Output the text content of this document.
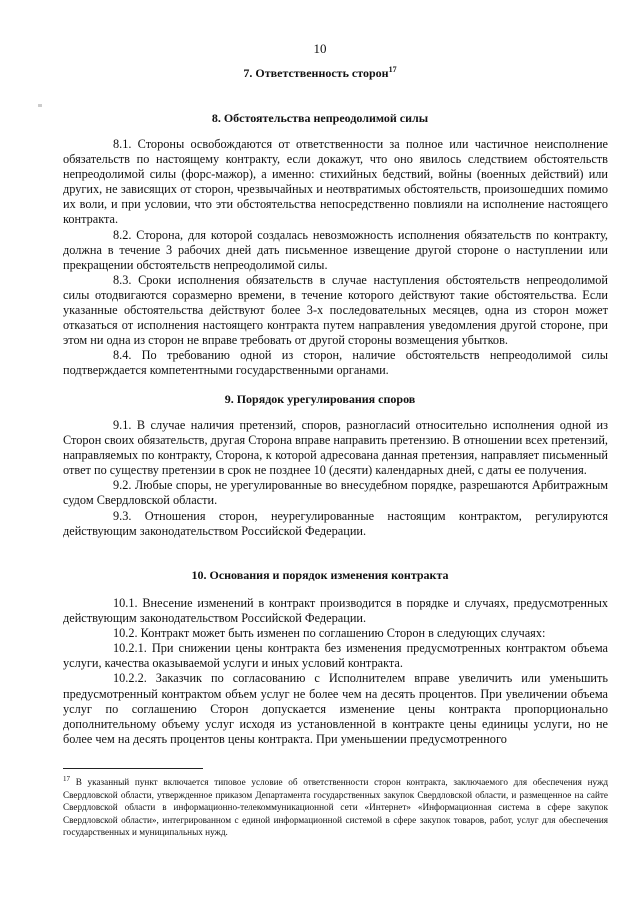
10
7. Ответственность сторон$^{17}$
8. Обстоятельства непреодолимой силы

8.1. Стороны освобождаются от ответственности за полное или частичное неисполнение обязательств по настоящему контракту, если докажут, что оно явилось следствием обстоятельств непреодолимой силы (форс-мажор), а именно: стихийных бедствий, войны (военных действий) или других, не зависящих от сторон, чрезвычайных и неотвратимых обстоятельств, произошедших помимо их воли, и при условии, что эти обстоятельства непосредственно повлияли на исполнение настоящего контракта.

8.2. Сторона, для которой создалась невозможность исполнения обязательств по контракту, должна в течение 3 рабочих дней дать письменное извещение другой стороне о наступлении или прекращении обстоятельств непреодолимой силы.

8.3. Сроки исполнения обязательств в случае наступления обстоятельств непреодолимой силы отодвигаются соразмерно времени, в течение которого действуют такие обстоятельства. Если указанные обстоятельства действуют более 3-х последовательных месяцев, одна из сторон может отказаться от исполнения настоящего контракта путем направления уведомления другой стороне, при этом ни одна из сторон не вправе требовать от другой стороны возмещения убытков.

8.4. По требованию одной из сторон, наличие обстоятельств непреодолимой силы подтверждается компетентными государственными органами.

9. Порядок урегулирования споров

9.1. В случае наличия претензий, споров, разногласий относительно исполнения одной из Сторон своих обязательств, другая Сторона вправе направить претензию. В отношении всех претензий, направляемых по контракту, Сторона, к которой адресована данная претензия, направляет письменный ответ по существу претензии в срок не позднее 10 (десяти) календарных дней, с даты ее получения.

9.2. Любые споры, не урегулированные во внесудебном порядке, разрешаются Арбитражным судом Свердловской области.

9.3. Отношения сторон, неурегулированные настоящим контрактом, регулируются действующим законодательством Российской Федерации.

10. Основания и порядок изменения контракта

10.1. Внесение изменений в контракт производится в порядке и случаях, предусмотренных действующим законодательством Российской Федерации.

10.2. Контракт может быть изменен по соглашению Сторон в следующих случаях:

10.2.1. При снижении цены контракта без изменения предусмотренных контрактом объема услуги, качества оказываемой услуги и иных условий контракта.

10.2.2. Заказчик по согласованию с Исполнителем вправе увеличить или уменьшить предусмотренный контрактом объем услуг не более чем на десять процентов. При увеличении объема услуг по соглашению Сторон допускается изменение цены контракта пропорционально дополнительному объему услуг исходя из установленной в контракте цены единицы услуги, но не более чем на десять процентов цены контракта. При уменьшении предусмотренного

$^{17}$ В указанный пункт включается типовое условие об ответственности сторон контракта, заключаемого для обеспечения нужд Свердловской области, утвержденное приказом Департамента государственных закупок Свердловской области, и размещенное на сайте Свердловской области в информационно-телекоммуникационной сети «Интернет» «Информационная система в сфере закупок Свердловской области», интегрированном с единой информационной системой в сфере закупок товаров, работ, услуг для обеспечения государственных и муниципальных нужд.
